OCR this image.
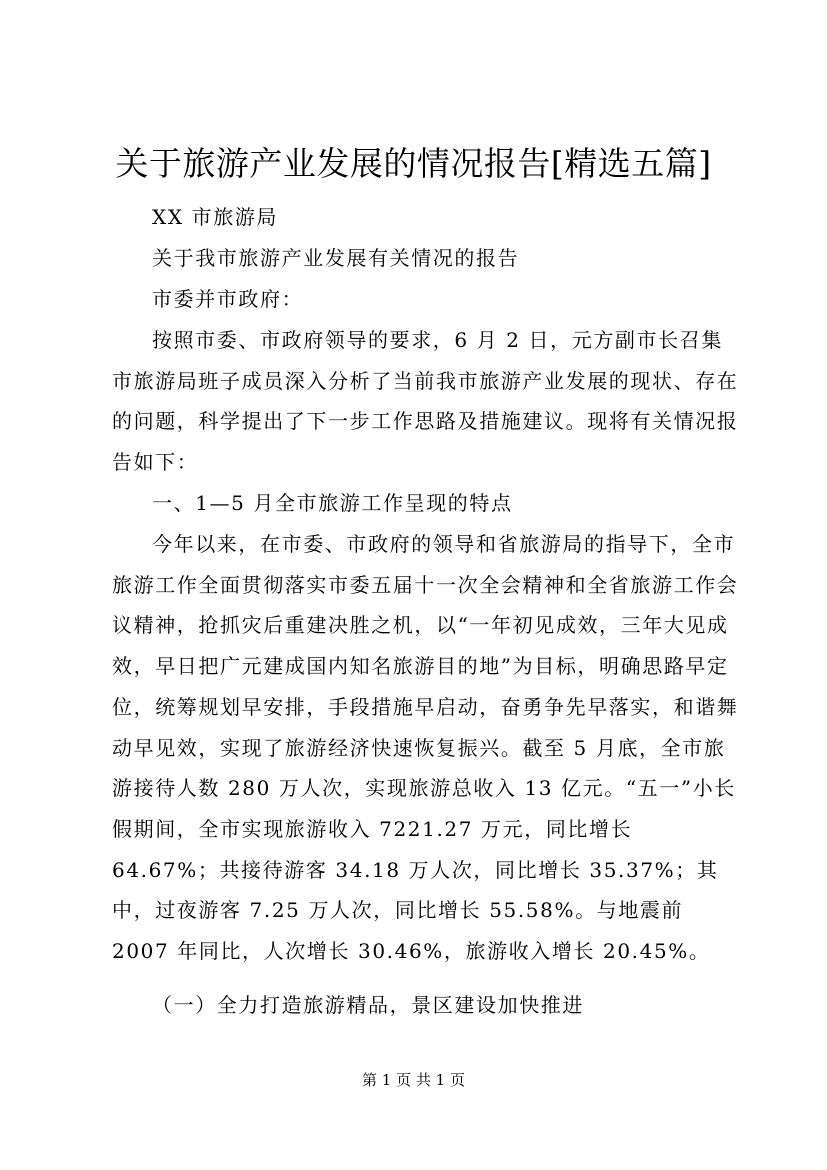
关于旅游产业发展的情况报告[精选五篇]

XX 市旅游局

关于我市旅游产业发展有关情况的报告

市委并市政府：

按照市委、市政府领导的要求，6 月 2 日，元方副市长召集市旅游局班子成员深入分析了当前我市旅游产业发展的现状、存在的问题，科学提出了下一步工作思路及措施建议。现将有关情况报告如下：

一、1—5 月全市旅游工作呈现的特点

今年以来，在市委、市政府的领导和省旅游局的指导下，全市旅游工作全面贯彻落实市委五届十一次全会精神和全省旅游工作会议精神，抢抓灾后重建决胜之机，以“一年初见成效，三年大见成效，早日把广元建成国内知名旅游目的地”为目标，明确思路早定位，统筹规划早安排，手段措施早启动，奋勇争先早落实，和谐舞动早见效，实现了旅游经济快速恢复振兴。截至 5 月底，全市旅游接待人数 280 万人次，实现旅游总收入 13 亿元。“五一”小长假期间，全市实现旅游收入 7221.27 万元，同比增长 64.67%；共接待游客 34.18 万人次，同比增长 35.37%；其中，过夜游客 7.25 万人次，同比增长 55.58%。与地震前 2007 年同比，人次增长 30.46%，旅游收入增长 20.45%。

（一）全力打造旅游精品，景区建设加快推进

第 1 页 共 1 页
